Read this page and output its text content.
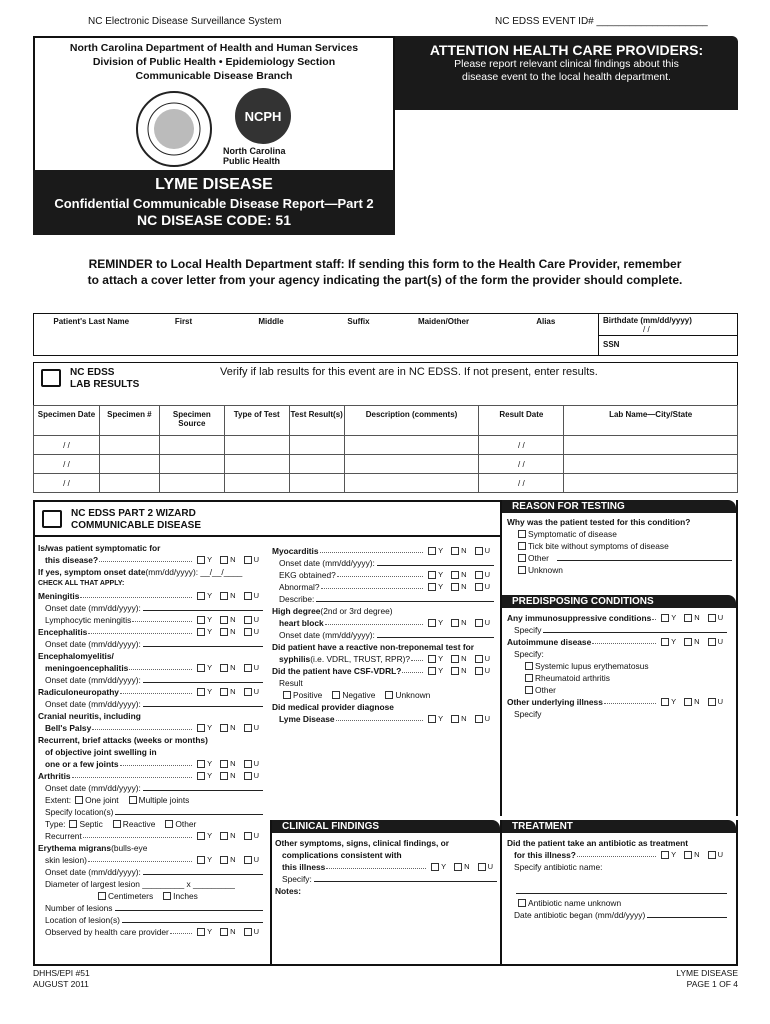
NC Electronic Disease Surveillance System	NC EDSS EVENT ID# ____________________
North Carolina Department of Health and Human Services
Division of Public Health • Epidemiology Section
Communicable Disease Branch
NCPH
North Carolina
Public Health
ATTENTION HEALTH CARE PROVIDERS:
Please report relevant clinical findings about this
disease event to the local health department.
LYME DISEASE
Confidential Communicable Disease Report—Part 2
NC DISEASE CODE: 51
REMINDER to Local Health Department staff: If sending this form to the Health Care Provider, remember
to attach a cover letter from your agency indicating the part(s) of the form the provider should complete.
Patient's Last Name	First	Middle	Suffix	Maiden/Other	Alias	Birthdate (mm/dd/yyyy)
/ /
SSN
NC EDSS
LAB RESULTS
Verify if lab results for this event are in NC EDSS. If not present, enter results.
Specimen Date	Specimen #	Specimen Source	Type of Test	Test Result(s)	Description (comments)	Result Date	Lab Name—City/State
/ /						/ /	
/ /						/ /	
/ /						/ /	
NC EDSS PART 2 WIZARD
COMMUNICABLE DISEASE
Is/was patient symptomatic for
this disease?	Y N U
If yes, symptom onset date (mm/dd/yyyy): __/__/____
CHECK ALL THAT APPLY:
Meningitis	Y N U
Onset date (mm/dd/yyyy):
Lymphocytic meningitis	Y N U
Encephalitis	Y N U
Onset date (mm/dd/yyyy):
Encephalomyelitis/
meningoencephalitis	Y N U
Onset date (mm/dd/yyyy):
Radiculoneuropathy	Y N U
Onset date (mm/dd/yyyy):
Cranial neuritis, including
Bell's Palsy	Y N U
Recurrent, brief attacks (weeks or months)
of objective joint swelling in
one or a few joints	Y N U
Arthritis	Y N U
Onset date (mm/dd/yyyy):
Extent: One joint Multiple joints
Specify location(s)
Type: Septic Reactive Other
Recurrent	Y N U
Erythema migrans (bulls-eye
skin lesion)	Y N U
Onset date (mm/dd/yyyy):
Diameter of largest lesion _________ x _________
Centimeters Inches
Number of lesions
Location of lesion(s)
Observed by health care provider	Y N U
Myocarditis	Y N U
Onset date (mm/dd/yyyy):
EKG obtained?	Y N U
Abnormal?	Y N U
Describe:
High degree (2nd or 3rd degree)
heart block	Y N U
Onset date (mm/dd/yyyy):
Did patient have a reactive non-treponemal test for
syphilis (i.e. VDRL, TRUST, RPR)?	Y N U
Did the patient have CSF-VDRL?	Y N U
Result
Positive Negative Unknown
Did medical provider diagnose
Lyme Disease	Y N U
CLINICAL FINDINGS
Other symptoms, signs, clinical findings, or
complications consistent with
this illness	Y N U
Specify:
Notes:
REASON FOR TESTING
Why was the patient tested for this condition?
Symptomatic of disease
Tick bite without symptoms of disease
Other
Unknown
PREDISPOSING CONDITIONS
Any immunosuppressive conditions	Y N U
Specify
Autoimmune disease	Y N U
Specify:
Systemic lupus erythematosus
Rheumatoid arthritis
Other
Other underlying illness	Y N U
Specify
TREATMENT
Did the patient take an antibiotic as treatment
for this illness?	Y N U
Specify antibiotic name:
Antibiotic name unknown
Date antibiotic began (mm/dd/yyyy)
DHHS/EPI #51
AUGUST 2011
LYME DISEASE
PAGE 1 OF 4
